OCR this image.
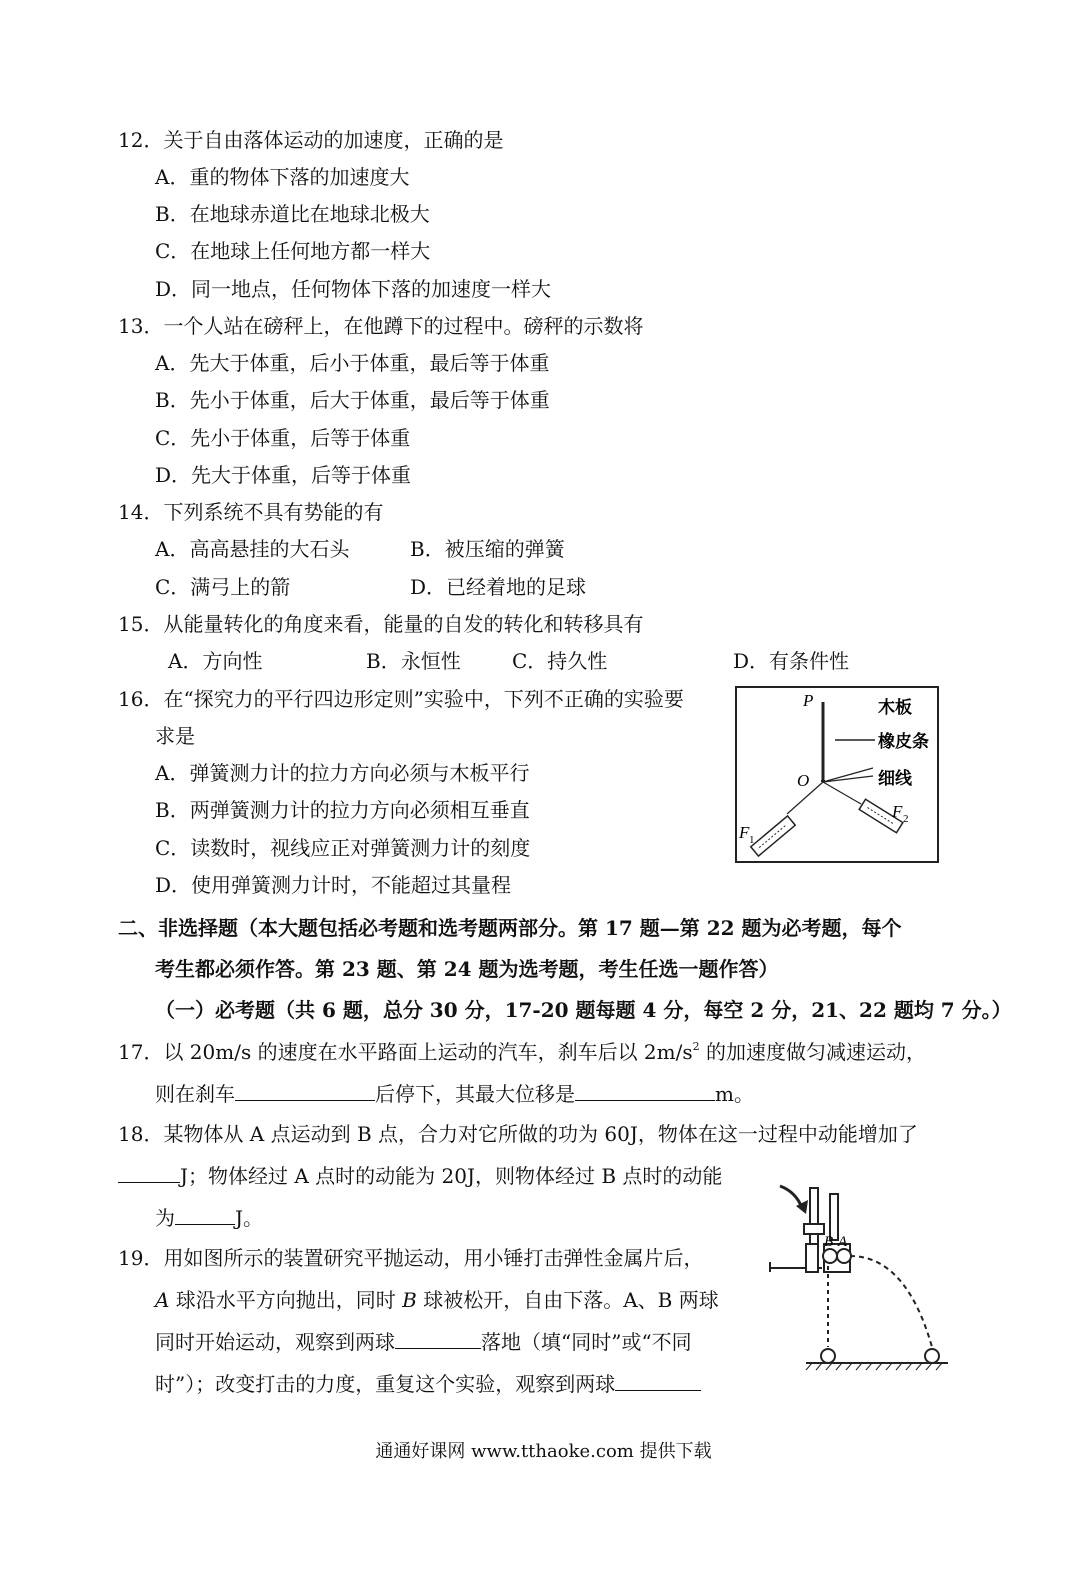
12．关于自由落体运动的加速度，正确的是
A．重的物体下落的加速度大
B．在地球赤道比在地球北极大
C．在地球上任何地方都一样大
D．同一地点，任何物体下落的加速度一样大
13．一个人站在磅秤上，在他蹲下的过程中。磅秤的示数将
A．先大于体重，后小于体重，最后等于体重
B．先小于体重，后大于体重，最后等于体重
C．先小于体重，后等于体重
D．先大于体重，后等于体重
14．下列系统不具有势能的有
A．高高悬挂的大石头	B．被压缩的弹簧
C．满弓上的箭	D．已经着地的足球
15．从能量转化的角度来看，能量的自发的转化和转移具有
A．方向性	B．永恒性	C．持久性	D．有条件性
16．在“探究力的平行四边形定则”实验中，下列不正确的实验要
求是
A．弹簧测力计的拉力方向必须与木板平行
B．两弹簧测力计的拉力方向必须相互垂直
C．读数时，视线应正对弹簧测力计的刻度
D．使用弹簧测力计时，不能超过其量程
P
O
F 1
F 2
木板
橡皮条
细线
二、非选择题（本大题包括必考题和选考题两部分。第 17 题—第 22 题为必考题，每个
考生都必须作答。第 23 题、第 24 题为选考题，考生任选一题作答）
（一）必考题（共 6 题，总分 30 分，17-20 题每题 4 分，每空 2 分，21、22 题均 7 分。）
17．以 20m/s 的速度在水平路面上运动的汽车，刹车后以 $2m/s^2$ 的加速度做匀减速运动，
则在刹车	后停下，其最大位移是	m。
18．某物体从 A 点运动到 B 点，合力对它所做的功为 60J，物体在这一过程中动能增加了
J；物体经过 A 点时的动能为 20J，则物体经过 B 点时的动能
为	J。
19．用如图所示的装置研究平抛运动，用小锤打击弹性金属片后，
A 球沿水平方向抛出，同时 B 球被松开，自由下落。A、B 两球
同时开始运动，观察到两球	落地（填“同时”或“不同
时”）；改变打击的力度，重复这个实验，观察到两球
B A
通通好课网 www.tthaoke.com 提供下载
